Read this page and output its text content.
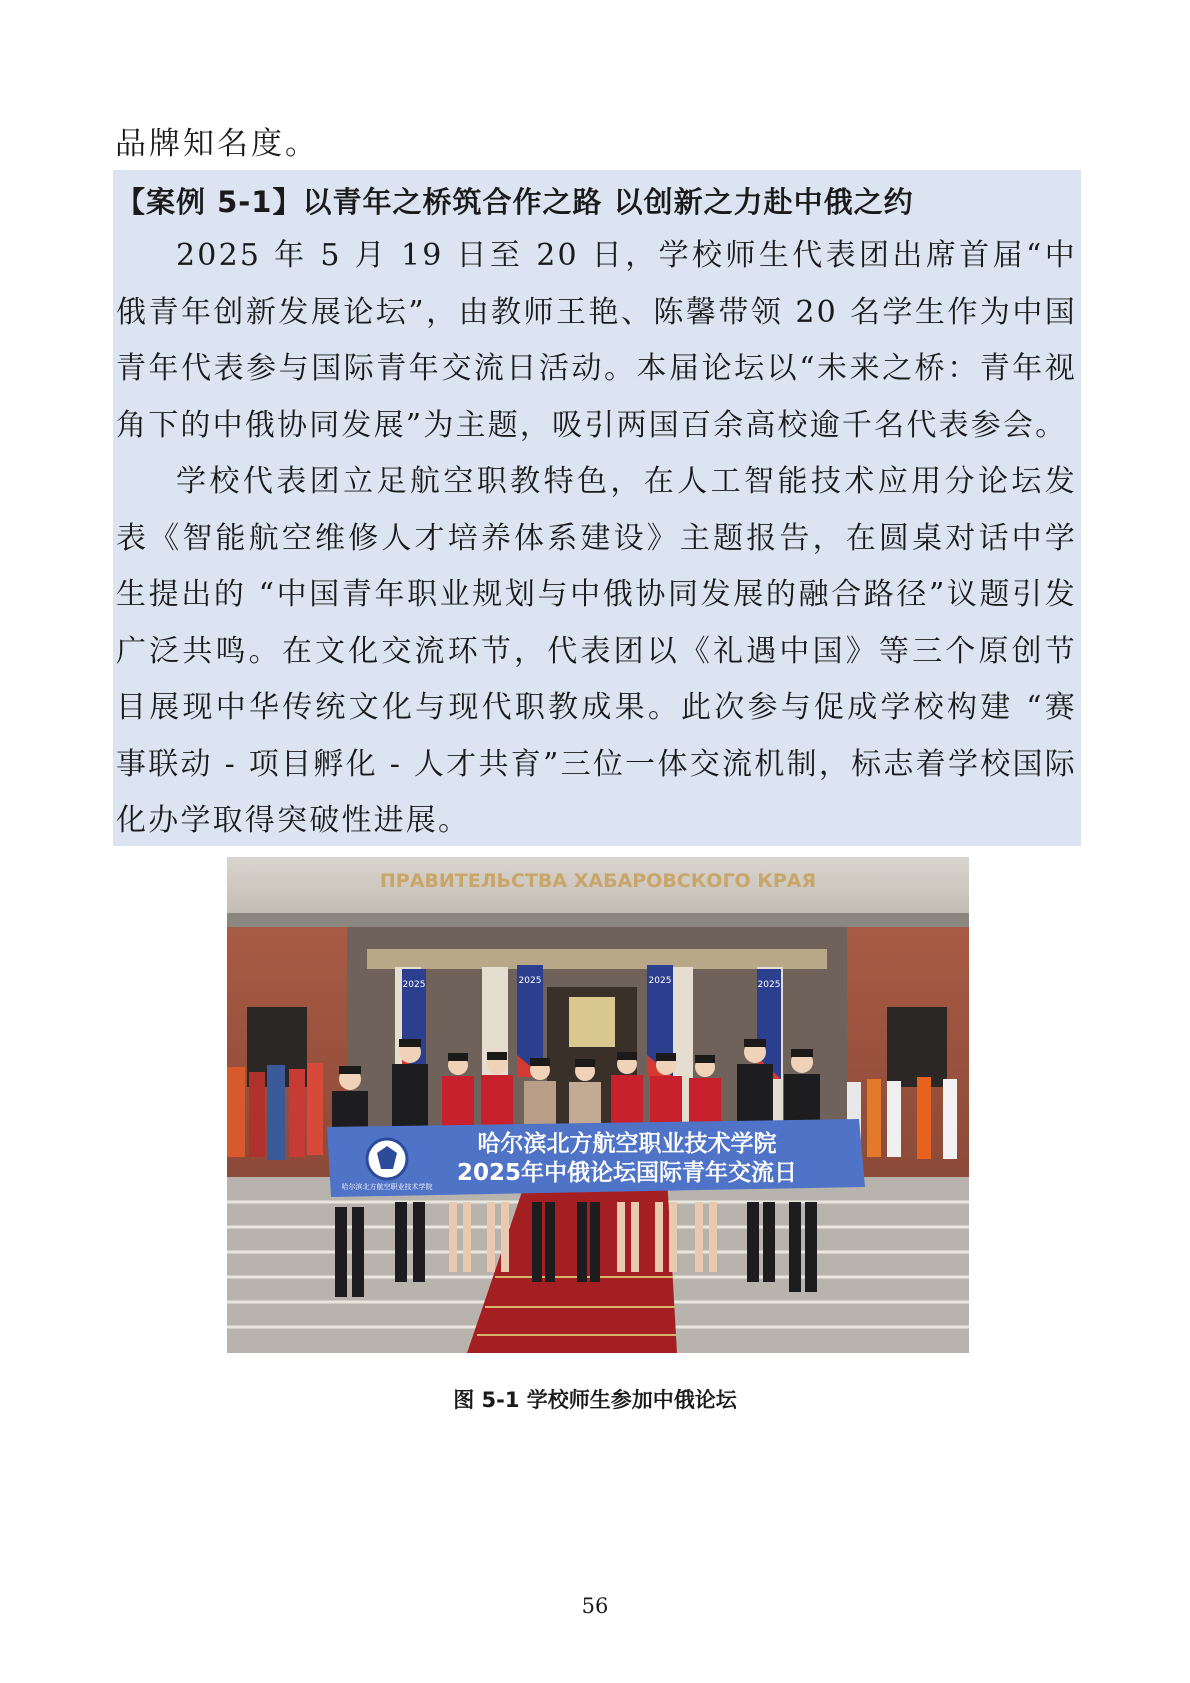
品牌知名度。
【案例 5-1】以青年之桥筑合作之路 以创新之力赴中俄之约

2025 年 5 月 19 日至 20 日，学校师生代表团出席首届“中俄青年创新发展论坛”，由教师王艳、陈馨带领 20 名学生作为中国青年代表参与国际青年交流日活动。本届论坛以“未来之桥：青年视角下的中俄协同发展”为主题，吸引两国百余高校逾千名代表参会。

学校代表团立足航空职教特色，在人工智能技术应用分论坛发表《智能航空维修人才培养体系建设》主题报告，在圆桌对话中学生提出的 “中国青年职业规划与中俄协同发展的融合路径”议题引发广泛共鸣。在文化交流环节，代表团以《礼遇中国》等三个原创节目展现中华传统文化与现代职教成果。此次参与促成学校构建 “赛事联动 - 项目孵化 - 人才共育”三位一体交流机制，标志着学校国际化办学取得突破性进展。

ПРАВИТЕЛЬСТВА ХАБАРОВСКОГО КРАЯ
2025	2025	2025	2025
哈尔滨北方航空职业技术学院
哈尔滨北方航空职业技术学院
2025年中俄论坛国际青年交流日
图 5-1 学校师生参加中俄论坛
56
